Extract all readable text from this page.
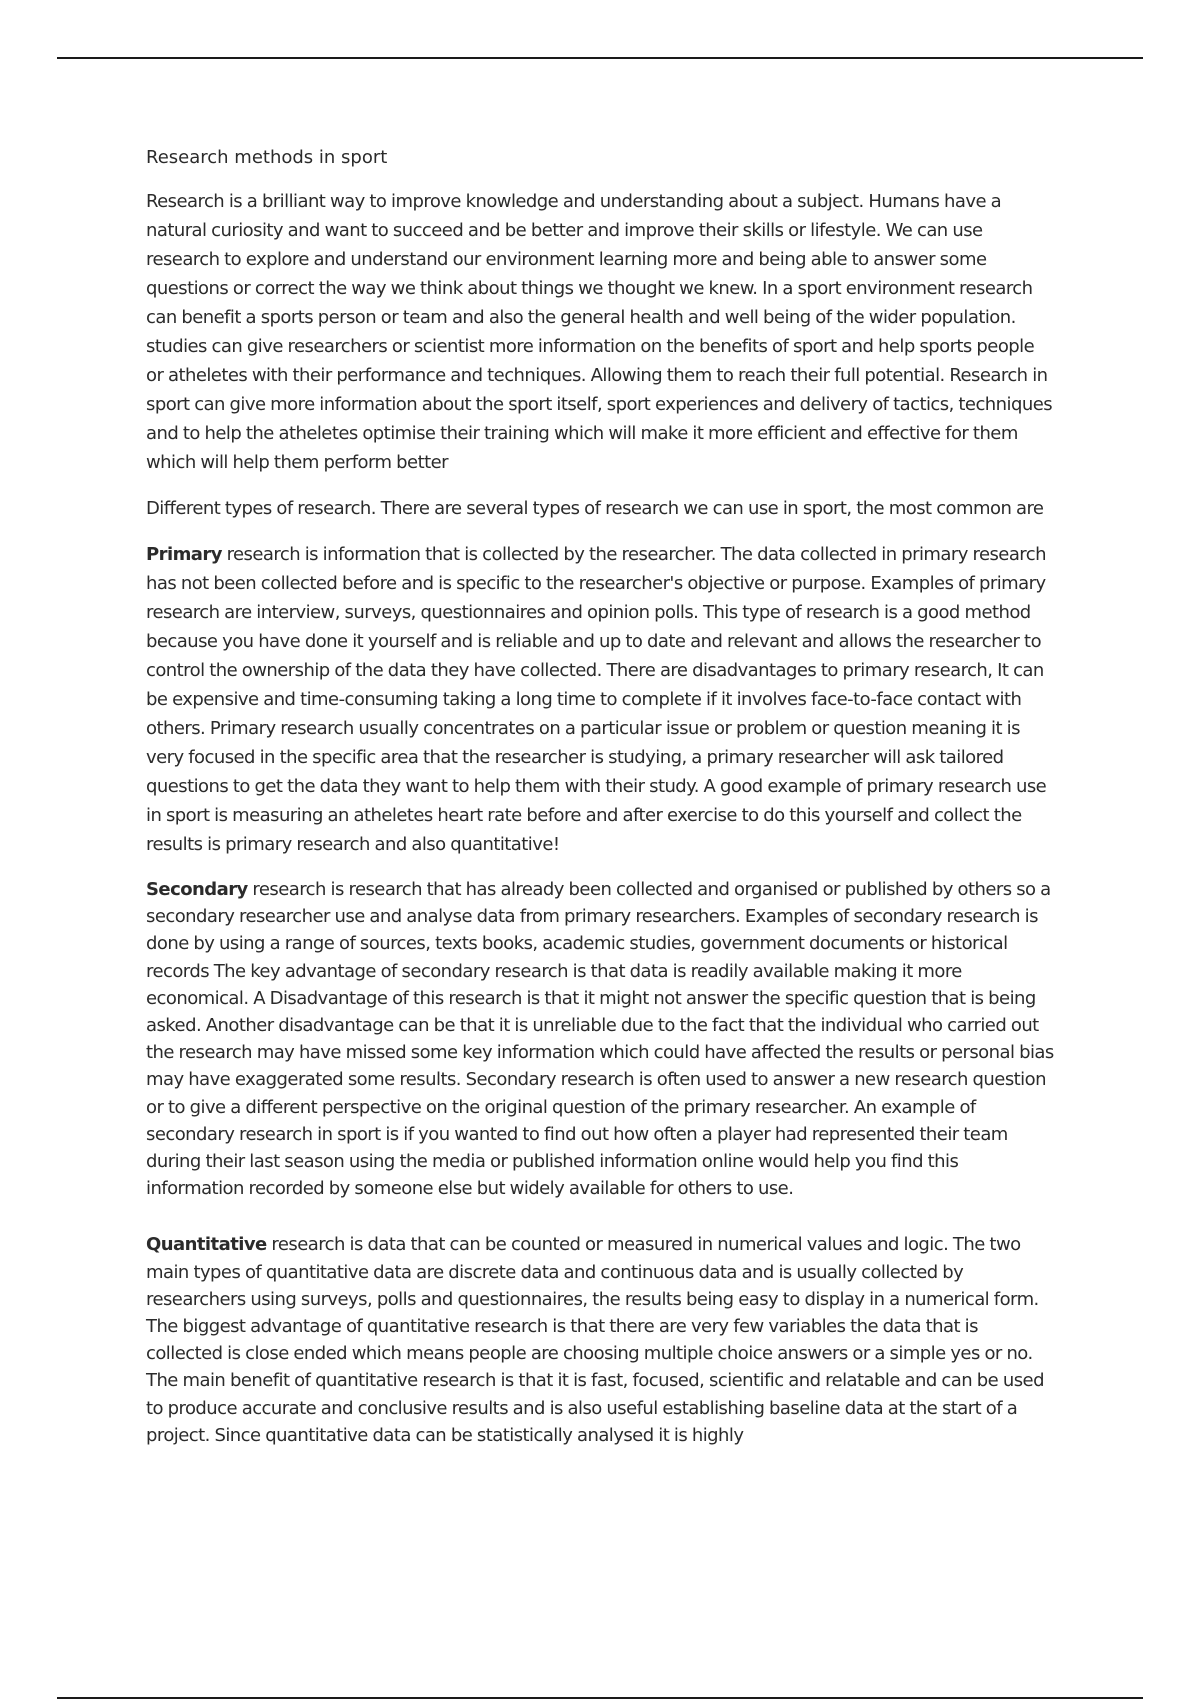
Research methods in sport

Research is a brilliant way to improve knowledge and understanding about a subject. Humans have a natural curiosity and want to succeed and be better and improve their skills or lifestyle. We can use research to explore and understand our environment learning more and being able to answer some questions or correct the way we think about things we thought we knew. In a sport environment research can benefit a sports person or team and also the general health and well being of the wider population. studies can give researchers or scientist more information on the benefits of sport and help sports people or atheletes with their performance and techniques. Allowing them to reach their full potential. Research in sport can give more information about the sport itself, sport experiences and delivery of tactics, techniques and to help the atheletes optimise their training which will make it more efficient and effective for them which will help them perform better

Different types of research. There are several types of research we can use in sport, the most common are

Primary research is information that is collected by the researcher. The data collected in primary research has not been collected before and is specific to the researcher's objective or purpose. Examples of primary research are interview, surveys, questionnaires and opinion polls. This type of research is a good method because you have done it yourself and is reliable and up to date and relevant and allows the researcher to control the ownership of the data they have collected. There are disadvantages to primary research, It can be expensive and time-consuming taking a long time to complete if it involves face-to-face contact with others. Primary research usually concentrates on a particular issue or problem or question meaning it is very focused in the specific area that the researcher is studying, a primary researcher will ask tailored questions to get the data they want to help them with their study. A good example of primary research use in sport is measuring an atheletes heart rate before and after exercise to do this yourself and collect the results is primary research and also quantitative!

Secondary research is research that has already been collected and organised or published by others so a secondary researcher use and analyse data from primary researchers. Examples of secondary research is done by using a range of sources, texts books, academic studies, government documents or historical records The key advantage of secondary research is that data is readily available making it more economical. A Disadvantage of this research is that it might not answer the specific question that is being asked. Another disadvantage can be that it is unreliable due to the fact that the individual who carried out the research may have missed some key information which could have affected the results or personal bias may have exaggerated some results. Secondary research is often used to answer a new research question or to give a different perspective on the original question of the primary researcher. An example of secondary research in sport is if you wanted to find out how often a player had represented their team during their last season using the media or published information online would help you find this information recorded by someone else but widely available for others to use.

Quantitative research is data that can be counted or measured in numerical values and logic. The two main types of quantitative data are discrete data and continuous data and is usually collected by researchers using surveys, polls and questionnaires, the results being easy to display in a numerical form. The biggest advantage of quantitative research is that there are very few variables the data that is collected is close ended which means people are choosing multiple choice answers or a simple yes or no. The main benefit of quantitative research is that it is fast, focused, scientific and relatable and can be used to produce accurate and conclusive results and is also useful establishing baseline data at the start of a project. Since quantitative data can be statistically analysed it is highly
